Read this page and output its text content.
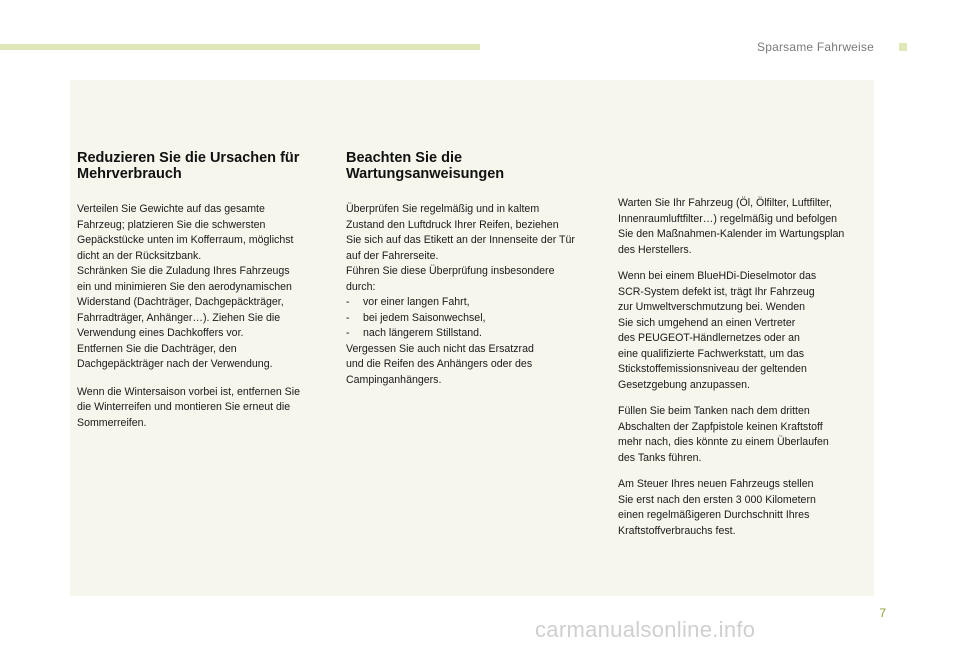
Sparsame Fahrweise
Reduzieren Sie die Ursachen für
Mehrverbrauch

Verteilen Sie Gewichte auf das gesamte
Fahrzeug; platzieren Sie die schwersten
Gepäckstücke unten im Kofferraum, möglichst
dicht an der Rücksitzbank.
Schränken Sie die Zuladung Ihres Fahrzeugs
ein und minimieren Sie den aerodynamischen
Widerstand (Dachträger, Dachgepäckträger,
Fahrradträger, Anhänger…). Ziehen Sie die
Verwendung eines Dachkoffers vor.
Entfernen Sie die Dachträger, den
Dachgepäckträger nach der Verwendung.

Wenn die Wintersaison vorbei ist, entfernen Sie
die Winterreifen und montieren Sie erneut die
Sommerreifen.

Beachten Sie die
Wartungsanweisungen

Überprüfen Sie regelmäßig und in kaltem
Zustand den Luftdruck Ihrer Reifen, beziehen
Sie sich auf das Etikett an der Innenseite der Tür
auf der Fahrerseite.
Führen Sie diese Überprüfung insbesondere
durch:
- vor einer langen Fahrt,
- bei jedem Saisonwechsel,
- nach längerem Stillstand.
Vergessen Sie auch nicht das Ersatzrad
und die Reifen des Anhängers oder des
Campinganhängers.

Warten Sie Ihr Fahrzeug (Öl, Ölfilter, Luftfilter,
Innenraumluftfilter…) regelmäßig und befolgen
Sie den Maßnahmen-Kalender im Wartungsplan
des Herstellers.

Wenn bei einem BlueHDi-Dieselmotor das
SCR-System defekt ist, trägt Ihr Fahrzeug
zur Umweltverschmutzung bei. Wenden
Sie sich umgehend an einen Vertreter
des PEUGEOT-Händlernetzes oder an
eine qualifizierte Fachwerkstatt, um das
Stickstoffemissionsniveau der geltenden
Gesetzgebung anzupassen.

Füllen Sie beim Tanken nach dem dritten
Abschalten der Zapfpistole keinen Kraftstoff
mehr nach, dies könnte zu einem Überlaufen
des Tanks führen.

Am Steuer Ihres neuen Fahrzeugs stellen
Sie erst nach den ersten 3 000 Kilometern
einen regelmäßigeren Durchschnitt Ihres
Kraftstoffverbrauchs fest.

7
carmanualsonline.info
